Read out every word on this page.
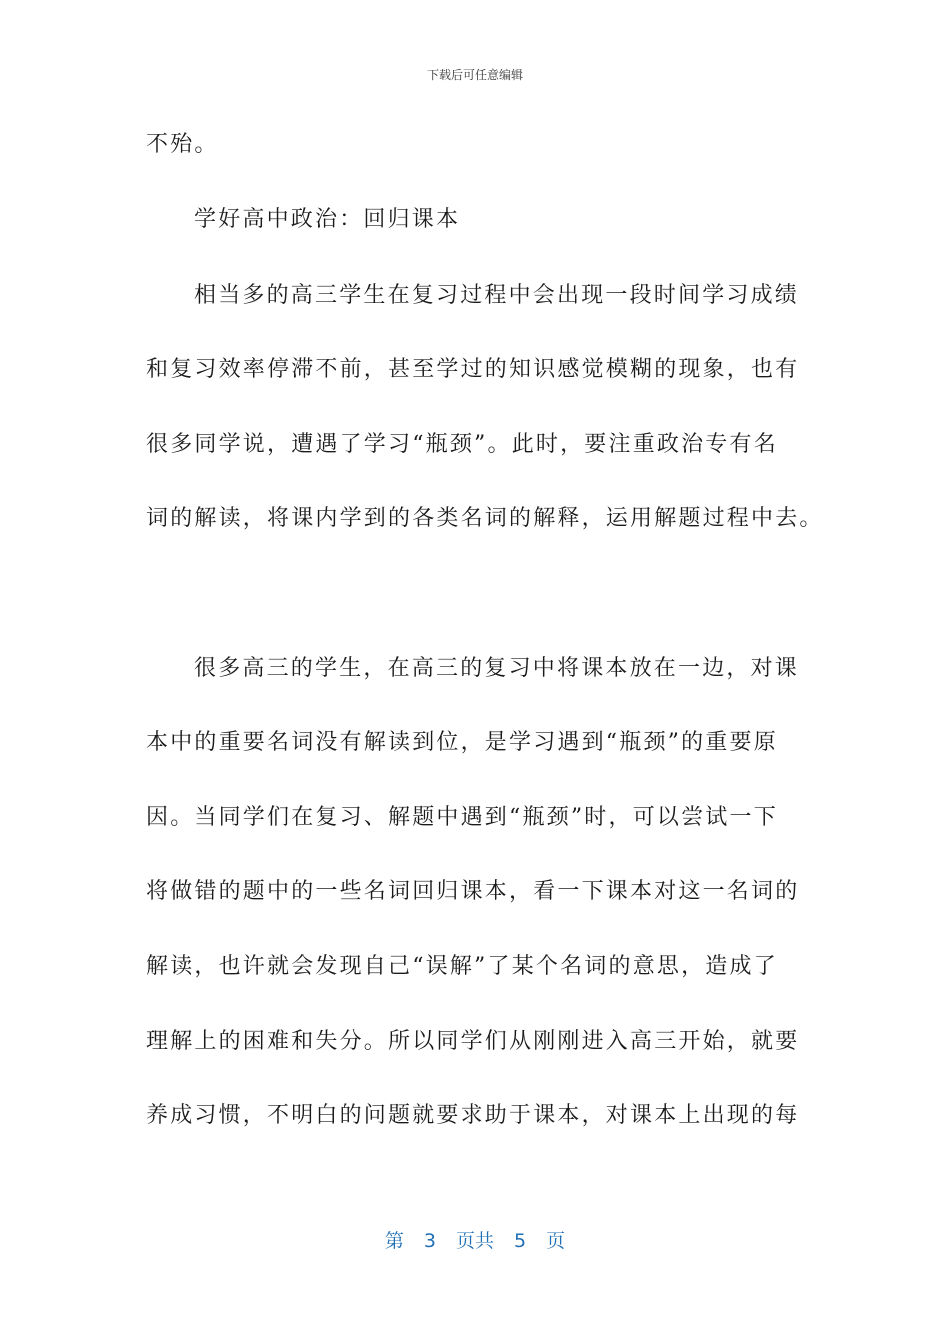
下载后可任意编辑
不殆。
学好高中政治：回归课本
相当多的高三学生在复习过程中会出现一段时间学习成绩
和复习效率停滞不前，甚至学过的知识感觉模糊的现象，也有
很多同学说，遭遇了学习“瓶颈”。此时，要注重政治专有名
词的解读，将课内学到的各类名词的解释，运用解题过程中去。
很多高三的学生，在高三的复习中将课本放在一边，对课
本中的重要名词没有解读到位，是学习遇到“瓶颈”的重要原
因。当同学们在复习、解题中遇到“瓶颈”时，可以尝试一下
将做错的题中的一些名词回归课本，看一下课本对这一名词的
解读，也许就会发现自己“误解”了某个名词的意思，造成了
理解上的困难和失分。所以同学们从刚刚进入高三开始，就要
养成习惯，不明白的问题就要求助于课本，对课本上出现的每
第 3 页共 5 页
